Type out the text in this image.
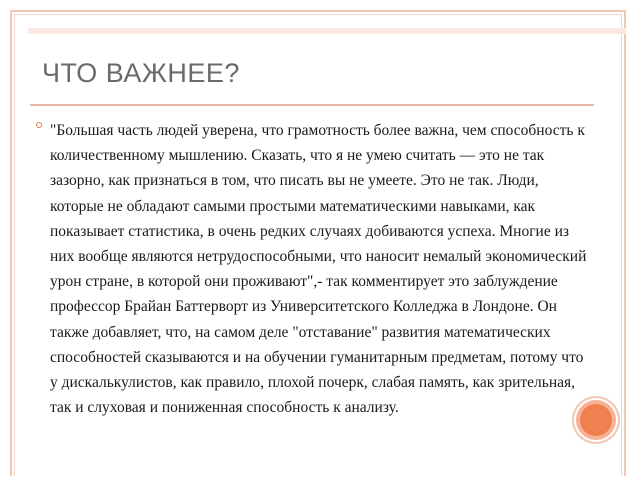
ЧТО ВАЖНЕЕ?

"Большая часть людей уверена, что грамотность более важна, чем способность к количественному мышлению. Сказать, что я не умею считать — это не так зазорно, как признаться в том, что писать вы не умеете. Это не так. Люди, которые не обладают самыми простыми математическими навыками, как показывает статистика, в очень редких случаях добиваются успеха. Многие из них вообще являются нетрудоспособными, что наносит немалый экономический урон стране, в которой они проживают",- так комментирует это заблуждение профессор Брайан Баттерворт из Университетского Колледжа в Лондоне. Он также добавляет, что, на самом деле "отставание" развития математических способностей сказываются и на обучении гуманитарным предметам, потому что у дискалькулистов, как правило, плохой почерк, слабая память, как зрительная, так и слуховая и пониженная способность к анализу.
